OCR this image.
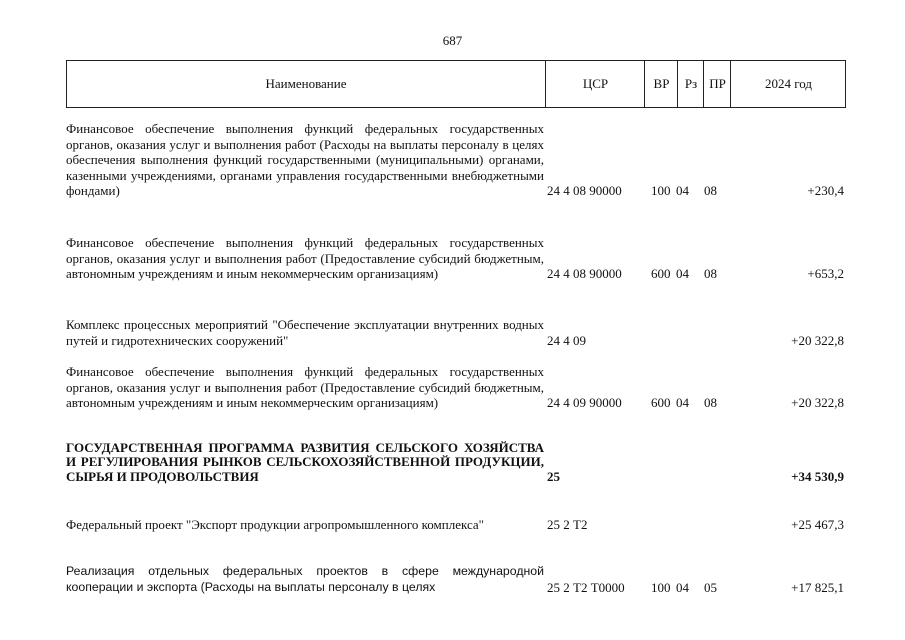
687
Наименование	ЦСР	ВР	Рз ПР	2024 год
Финансовое обеспечение выполнения функций федеральных государственных органов, оказания услуг и выполнения работ (Расходы на выплаты персоналу в целях обеспечения выполнения функций государственными (муниципальными) органами, казенными учреждениями, органами управления государственными внебюджетными фондами)	24 4 08 90000 100 04 08	+230,4
Финансовое обеспечение выполнения функций федеральных государственных органов, оказания услуг и выполнения работ (Предоставление субсидий бюджетным, автономным учреждениям и иным некоммерческим организациям)	24 4 08 90000 600 04 08	+653,2
Комплекс процессных мероприятий "Обеспечение эксплуатации внутренних водных путей и гидротехнических сооружений"	24 4 09	+20 322,8
Финансовое обеспечение выполнения функций федеральных государственных органов, оказания услуг и выполнения работ (Предоставление субсидий бюджетным, автономным учреждениям и иным некоммерческим организациям)	24 4 09 90000 600 04 08	+20 322,8
ГОСУДАРСТВЕННАЯ ПРОГРАММА РАЗВИТИЯ СЕЛЬСКОГО ХОЗЯЙСТВА И РЕГУЛИРОВАНИЯ РЫНКОВ СЕЛЬСКОХОЗЯЙСТВЕННОЙ ПРОДУКЦИИ, СЫРЬЯ И ПРОДОВОЛЬСТВИЯ	25	+34 530,9
Федеральный проект "Экспорт продукции агропромышленного комплекса"	25 2 Т2	+25 467,3
Реализация отдельных федеральных проектов в сфере международной кооперации и экспорта (Расходы на выплаты персоналу в целях	25 2 Т2 Т0000 100 04 05	+17 825,1
